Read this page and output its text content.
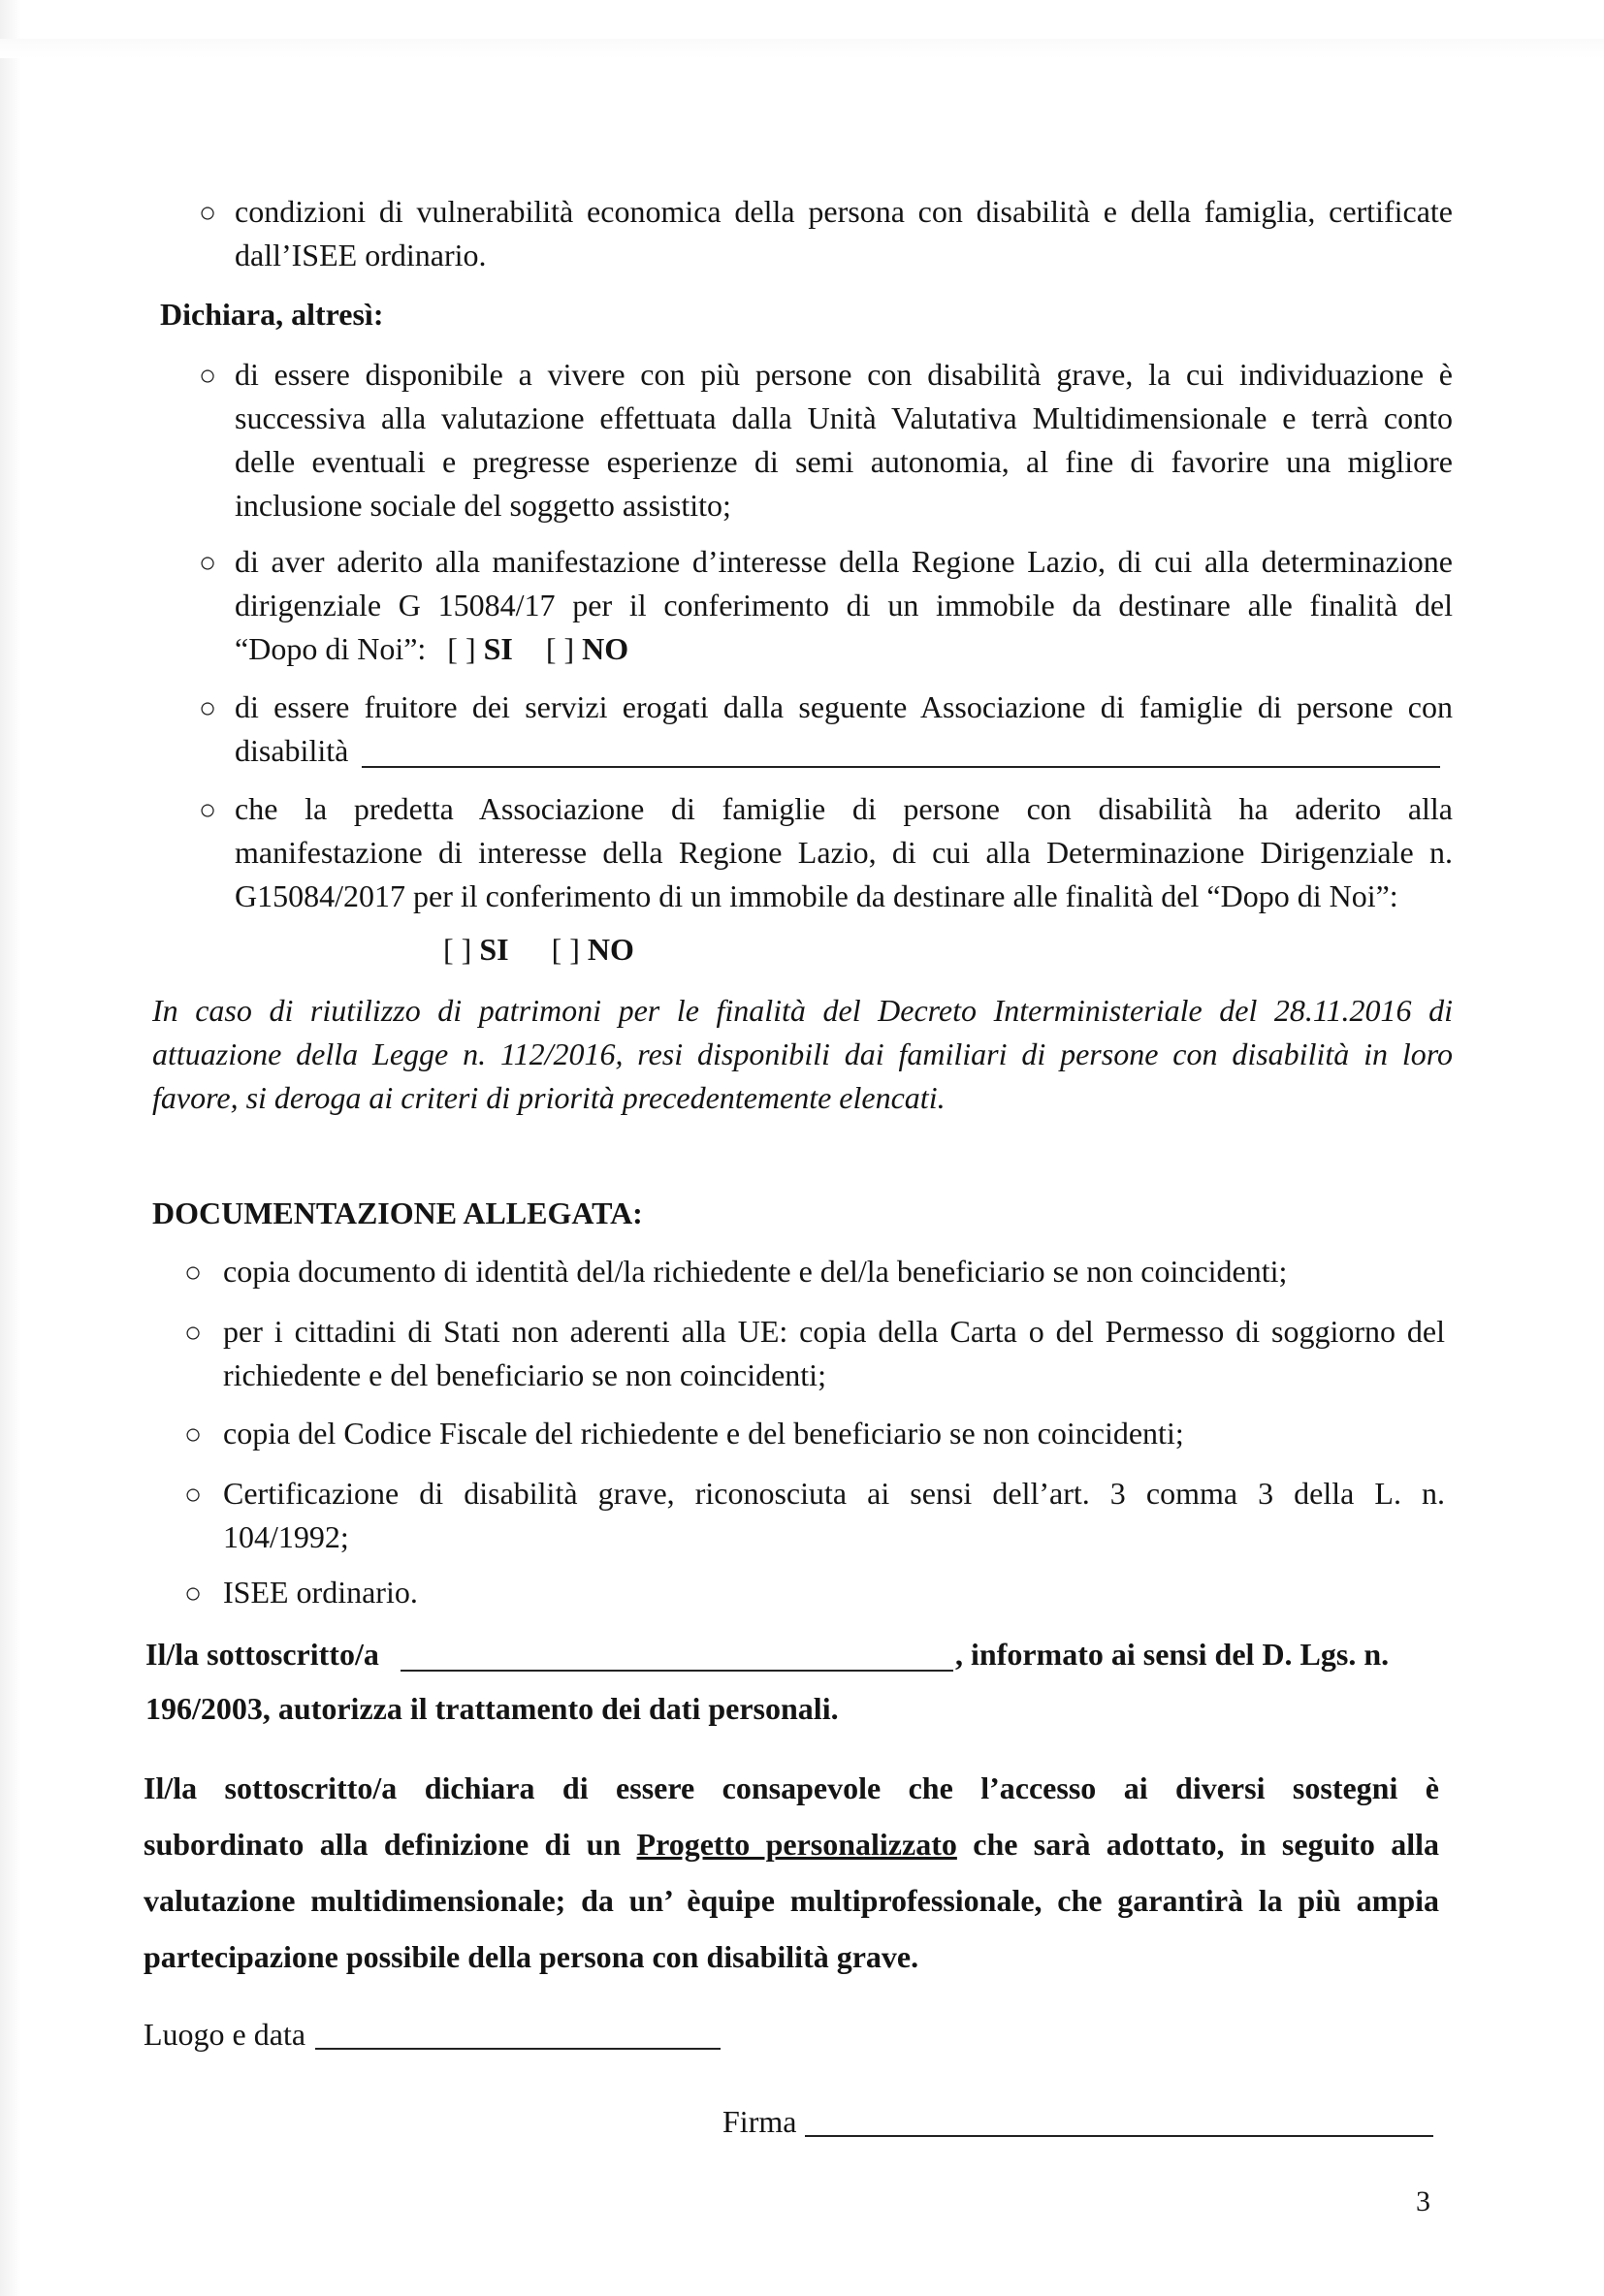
○ condizioni di vulnerabilità economica della persona con disabilità e della famiglia, certificate
dall’ISEE ordinario.
Dichiara, altresì:
○ di essere disponibile a vivere con più persone con disabilità grave, la cui individuazione è
successiva alla valutazione effettuata dalla Unità Valutativa Multidimensionale e terrà conto
delle eventuali e pregresse esperienze di semi autonomia, al fine di favorire una migliore
inclusione sociale del soggetto assistito;
○ di aver aderito alla manifestazione d’interesse della Regione Lazio, di cui alla determinazione
dirigenziale G 15084/17 per il conferimento di un immobile da destinare alle finalità del
“Dopo di Noi”: [ ] SI [ ] NO
○ di essere fruitore dei servizi erogati dalla seguente Associazione di famiglie di persone con
disabilità
○ che la predetta Associazione di famiglie di persone con disabilità ha aderito alla
manifestazione di interesse della Regione Lazio, di cui alla Determinazione Dirigenziale n.
G15084/2017 per il conferimento di un immobile da destinare alle finalità del “Dopo di Noi”:
[ ] SI [ ] NO
In caso di riutilizzo di patrimoni per le finalità del Decreto Interministeriale del 28.11.2016 di
attuazione della Legge n. 112/2016, resi disponibili dai familiari di persone con disabilità in loro
favore, si deroga ai criteri di priorità precedentemente elencati.
DOCUMENTAZIONE ALLEGATA:
○ copia documento di identità del/la richiedente e del/la beneficiario se non coincidenti;
○ per i cittadini di Stati non aderenti alla UE: copia della Carta o del Permesso di soggiorno del
richiedente e del beneficiario se non coincidenti;
○ copia del Codice Fiscale del richiedente e del beneficiario se non coincidenti;
○ Certificazione di disabilità grave, riconosciuta ai sensi dell’art. 3 comma 3 della L. n.
104/1992;
○ ISEE ordinario.
Il/la sottoscritto/a	, informato ai sensi del D. Lgs. n.
196/2003, autorizza il trattamento dei dati personali.
Il/la sottoscritto/a dichiara di essere consapevole che l’accesso ai diversi sostegni è
subordinato alla definizione di un Progetto personalizzato che sarà adottato, in seguito alla
valutazione multidimensionale; da un’ èquipe multiprofessionale, che garantirà la più ampia
partecipazione possibile della persona con disabilità grave.
Luogo e data
Firma
3
